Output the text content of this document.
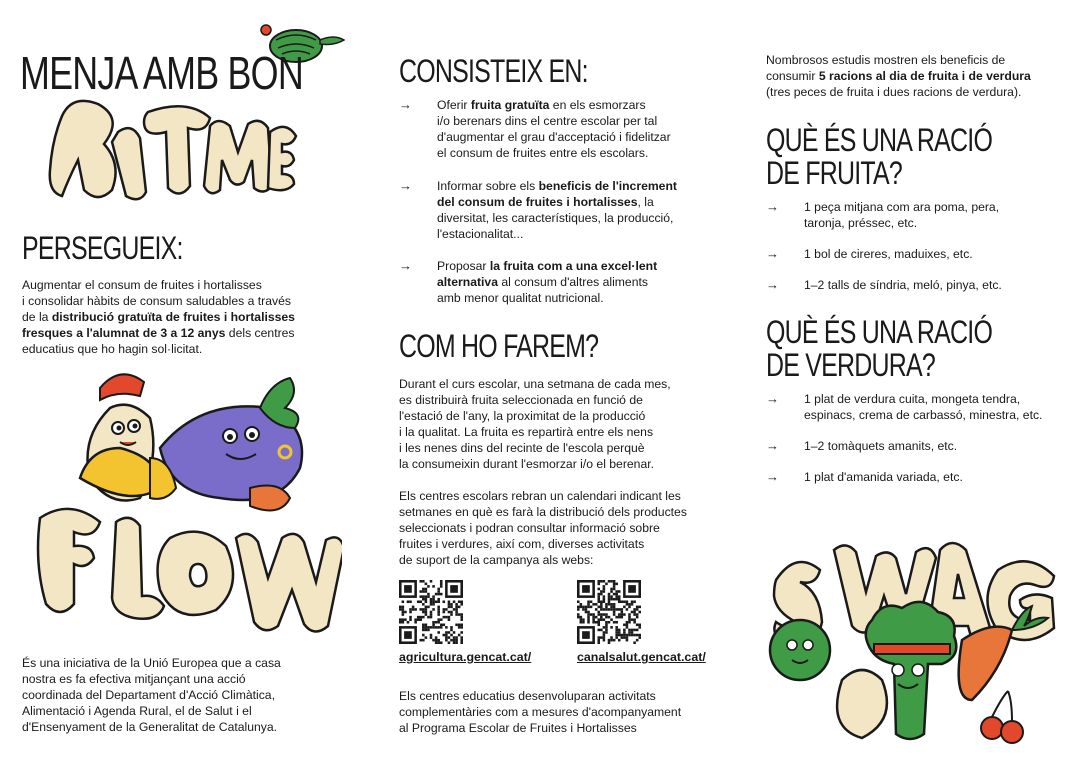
MENJA AMB BON
PERSEGUEIX:
Augmentar el consum de fruites i hortalisses
i consolidar hàbits de consum saludables a través
de la distribució gratuïta de fruites i hortalisses
fresques a l'alumnat de 3 a 12 anys dels centres
educatius que ho hagin sol·licitat.
És una iniciativa de la Unió Europea que a casa
nostra es fa efectiva mitjançant una acció
coordinada del Departament d'Acció Climàtica,
Alimentació i Agenda Rural, el de Salut i el
d'Ensenyament de la Generalitat de Catalunya.
CONSISTEIX EN:
→	Oferir fruita gratuïta en els esmorzars
i/o berenars dins el centre escolar per tal
d'augmentar el grau d'acceptació i fidelitzar
el consum de fruites entre els escolars.
→	Informar sobre els beneficis de l'increment
del consum de fruites i hortalisses, la
diversitat, les característiques, la producció,
l'estacionalitat...
→	Proposar la fruita com a una excel·lent
alternativa al consum d'altres aliments
amb menor qualitat nutricional.
COM HO FAREM?
Durant el curs escolar, una setmana de cada mes,
es distribuirà fruita seleccionada en funció de
l'estació de l'any, la proximitat de la producció
i la qualitat. La fruita es repartirà entre els nens
i les nenes dins del recinte de l'escola perquè
la consumeixin durant l'esmorzar i/o el berenar.
Els centres escolars rebran un calendari indicant les
setmanes en què es farà la distribució dels productes
seleccionats i podran consultar informació sobre
fruites i verdures, així com, diverses activitats
de suport de la campanya als webs:
agricultura.gencat.cat/	canalsalut.gencat.cat/
Els centres educatius desenvoluparan activitats
complementàries com a mesures d'acompanyament
al Programa Escolar de Fruites i Hortalisses
Nombrosos estudis mostren els beneficis de
consumir 5 racions al dia de fruita i de verdura
(tres peces de fruita i dues racions de verdura).
QUÈ ÉS UNA RACIÓ
DE FRUITA?
→	1 peça mitjana com ara poma, pera,
taronja, préssec, etc.
→	1 bol de cireres, maduixes, etc.
→	1–2 talls de síndria, meló, pinya, etc.
QUÈ ÉS UNA RACIÓ
DE VERDURA?
→	1 plat de verdura cuita, mongeta tendra,
espinacs, crema de carbassó, minestra, etc.
→	1–2 tomàquets amanits, etc.
→	1 plat d'amanida variada, etc.
